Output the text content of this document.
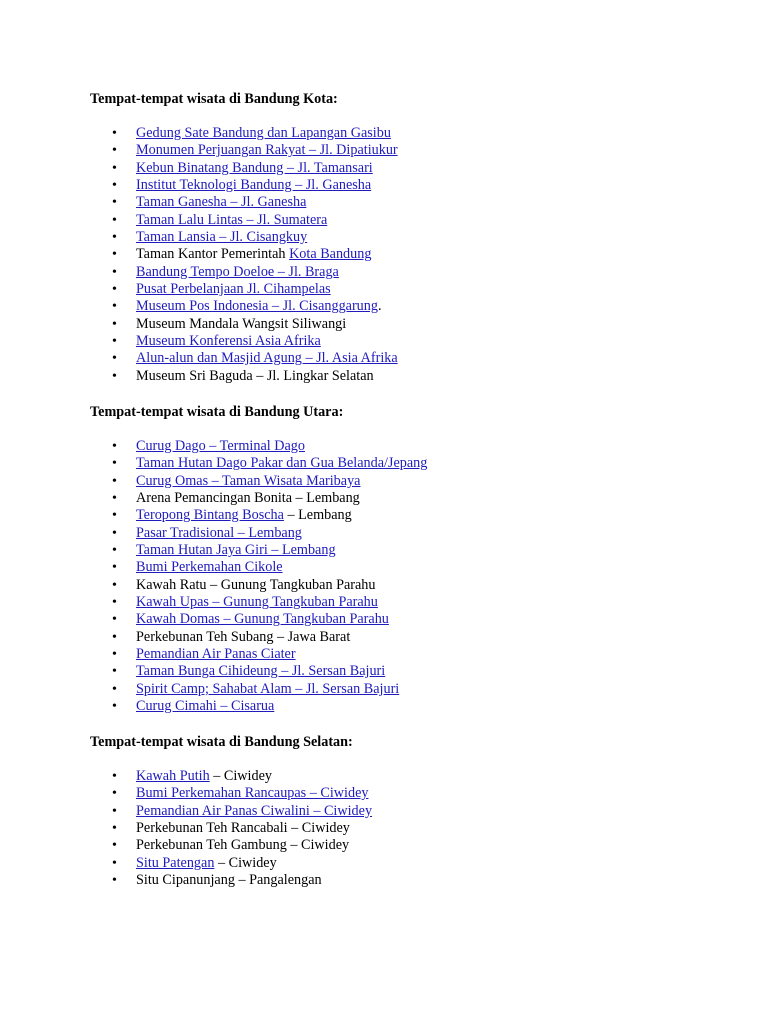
Tempat-tempat wisata di Bandung Kota:
• Gedung Sate Bandung dan Lapangan Gasibu
• Monumen Perjuangan Rakyat – Jl. Dipatiukur
• Kebun Binatang Bandung – Jl. Tamansari
• Institut Teknologi Bandung – Jl. Ganesha
• Taman Ganesha – Jl. Ganesha
• Taman Lalu Lintas – Jl. Sumatera
• Taman Lansia – Jl. Cisangkuy
• Taman Kantor Pemerintah Kota Bandung
• Bandung Tempo Doeloe – Jl. Braga
• Pusat Perbelanjaan Jl. Cihampelas
• Museum Pos Indonesia – Jl. Cisanggarung.
• Museum Mandala Wangsit Siliwangi
• Museum Konferensi Asia Afrika
• Alun-alun dan Masjid Agung – Jl. Asia Afrika
• Museum Sri Baguda – Jl. Lingkar Selatan
Tempat-tempat wisata di Bandung Utara:
• Curug Dago – Terminal Dago
• Taman Hutan Dago Pakar dan Gua Belanda/Jepang
• Curug Omas – Taman Wisata Maribaya
• Arena Pemancingan Bonita – Lembang
• Teropong Bintang Boscha – Lembang
• Pasar Tradisional – Lembang
• Taman Hutan Jaya Giri – Lembang
• Bumi Perkemahan Cikole
• Kawah Ratu – Gunung Tangkuban Parahu
• Kawah Upas – Gunung Tangkuban Parahu
• Kawah Domas – Gunung Tangkuban Parahu
• Perkebunan Teh Subang – Jawa Barat
• Pemandian Air Panas Ciater
• Taman Bunga Cihideung – Jl. Sersan Bajuri
• Spirit Camp; Sahabat Alam – Jl. Sersan Bajuri
• Curug Cimahi – Cisarua
Tempat-tempat wisata di Bandung Selatan:
• Kawah Putih – Ciwidey
• Bumi Perkemahan Rancaupas – Ciwidey
• Pemandian Air Panas Ciwalini – Ciwidey
• Perkebunan Teh Rancabali – Ciwidey
• Perkebunan Teh Gambung – Ciwidey
• Situ Patengan – Ciwidey
• Situ Cipanunjang – Pangalengan
